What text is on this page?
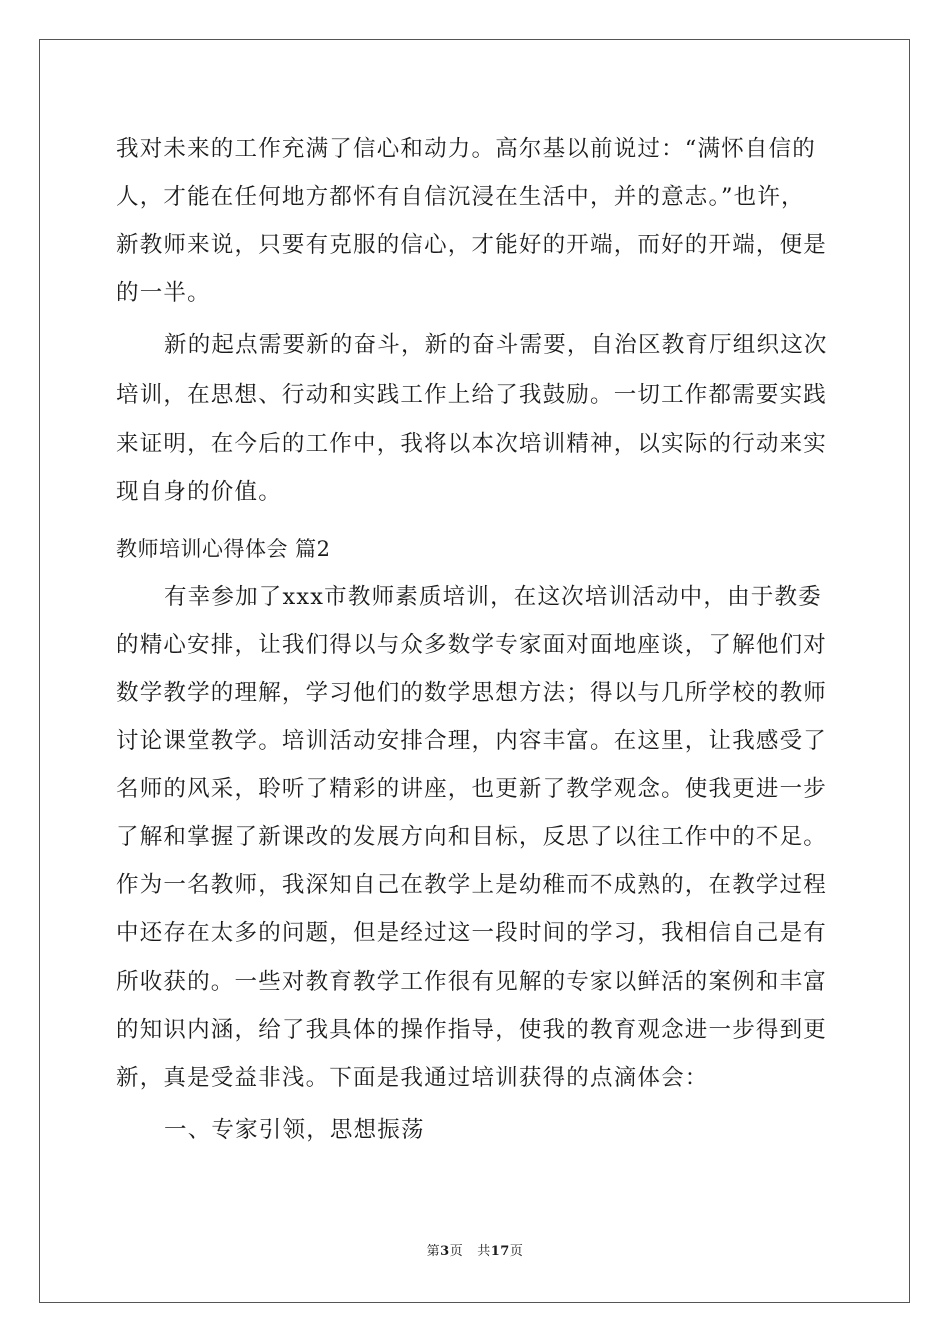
我对未来的工作充满了信心和动力。高尔基以前说过：“满怀自信的
人，才能在任何地方都怀有自信沉浸在生活中，并的意志。”也许，
新教师来说，只要有克服的信心，才能好的开端，而好的开端，便是
的一半。
新的起点需要新的奋斗，新的奋斗需要，自治区教育厅组织这次
培训，在思想、行动和实践工作上给了我鼓励。一切工作都需要实践
来证明，在今后的工作中，我将以本次培训精神，以实际的行动来实
现自身的价值。
教师培训心得体会 篇2
有幸参加了xxx市教师素质培训，在这次培训活动中，由于教委
的精心安排，让我们得以与众多数学专家面对面地座谈，了解他们对
数学教学的理解，学习他们的数学思想方法；得以与几所学校的教师
讨论课堂教学。培训活动安排合理，内容丰富。在这里，让我感受了
名师的风采，聆听了精彩的讲座，也更新了教学观念。使我更进一步
了解和掌握了新课改的发展方向和目标，反思了以往工作中的不足。
作为一名教师，我深知自己在教学上是幼稚而不成熟的，在教学过程
中还存在太多的问题，但是经过这一段时间的学习，我相信自己是有
所收获的。一些对教育教学工作很有见解的专家以鲜活的案例和丰富
的知识内涵，给了我具体的操作指导，使我的教育观念进一步得到更
新，真是受益非浅。下面是我通过培训获得的点滴体会：
一、专家引领，思想振荡
第3页 共17页
